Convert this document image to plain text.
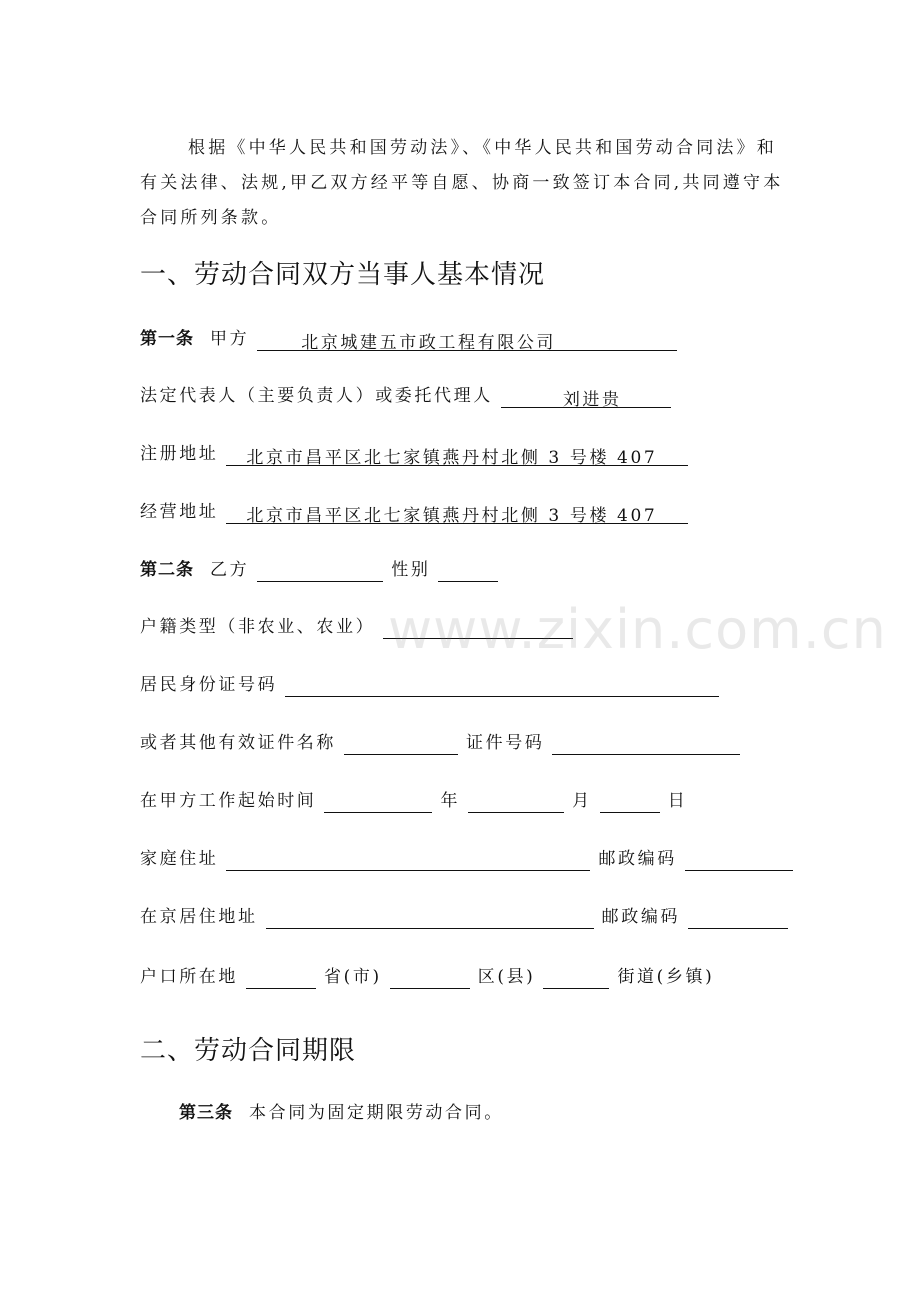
根据《中华人民共和国劳动法》、《中华人民共和国劳动合同法》和有关法律、法规,甲乙双方经平等自愿、协商一致签订本合同,共同遵守本合同所列条款。

一、劳动合同双方当事人基本情况
第一条 甲方	北京城建五市政工程有限公司
法定代表人（主要负责人）或委托代理人	刘进贵
注册地址 北京市昌平区北七家镇燕丹村北侧 3 号楼 407
经营地址 北京市昌平区北七家镇燕丹村北侧 3 号楼 407
第二条 乙方	性别
户籍类型（非农业、农业）
居民身份证号码
或者其他有效证件名称	证件号码
在甲方工作起始时间	年	月	日
家庭住址	邮政编码
在京居住地址	邮政编码
户口所在地	省(市)	区(县)	街道(乡镇)
二、劳动合同期限
第三条 本合同为固定期限劳动合同。
www.zixin.com.cn
